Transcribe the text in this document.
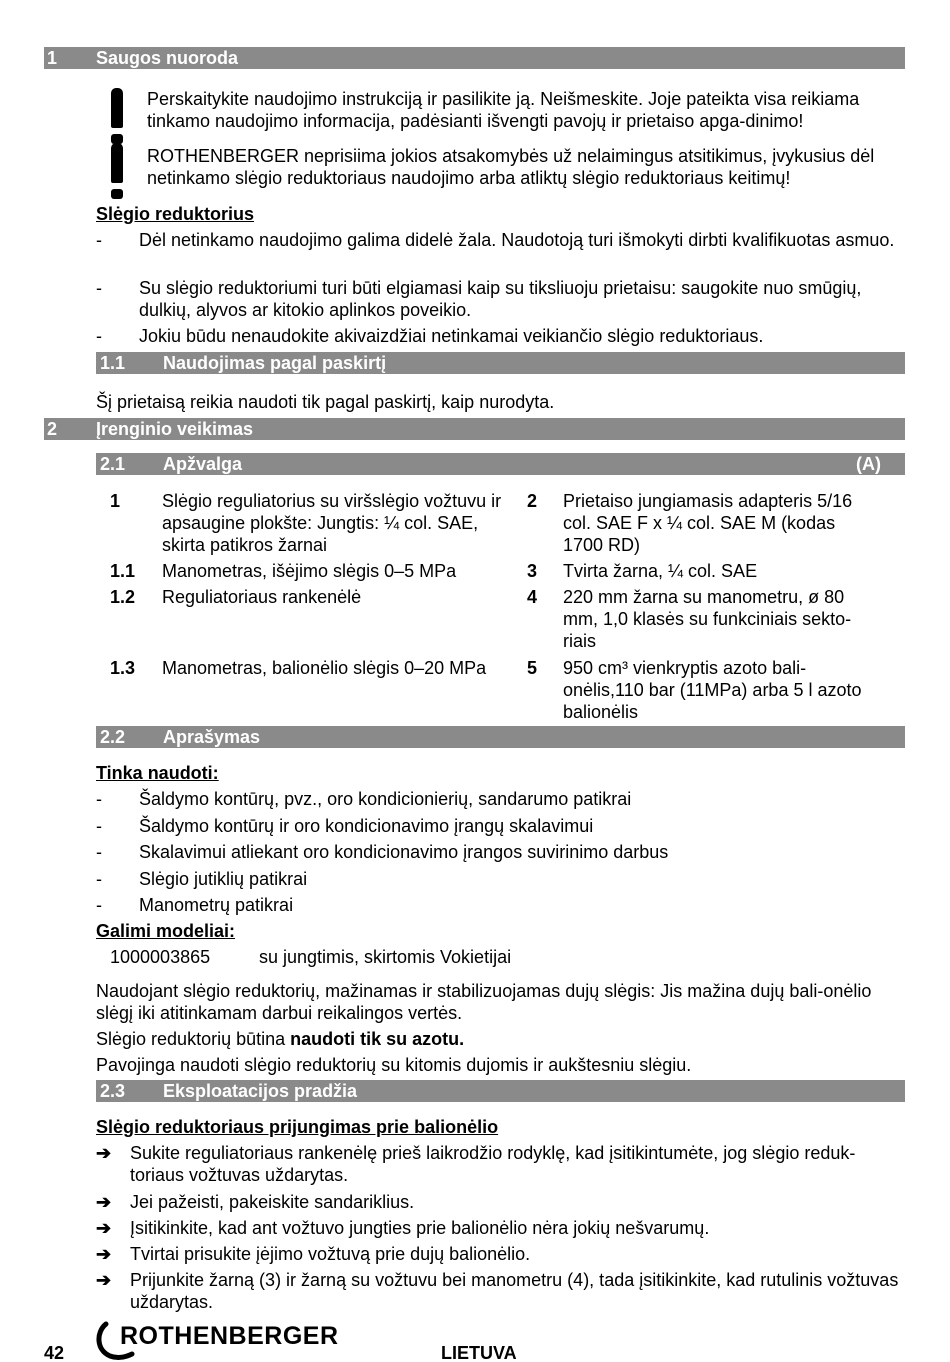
1 Saugos nuoroda
Perskaitykite naudojimo instrukciją ir pasilikite ją. Neišmeskite. Joje pateikta visa reikiama tinkamo naudojimo informacija, padėsianti išvengti pavojų ir prietaiso apga-dinimo!
ROTHENBERGER neprisiima jokios atsakomybės už nelaimingus atsitikimus, įvykusius dėl netinkamo slėgio reduktoriaus naudojimo arba atliktų slėgio reduktoriaus keitimų!
Slėgio reduktorius
- Dėl netinkamo naudojimo galima didelė žala. Naudotoją turi išmokyti dirbti kvalifikuotas asmuo.
- Su slėgio reduktoriumi turi būti elgiamasi kaip su tiksliuoju prietaisu: saugokite nuo smūgių, dulkių, alyvos ar kitokio aplinkos poveikio.
- Jokiu būdu nenaudokite akivaizdžiai netinkamai veikiančio slėgio reduktoriaus.
1.1 Naudojimas pagal paskirtį
Šį prietaisą reikia naudoti tik pagal paskirtį, kaip nurodyta.
2 Įrenginio veikimas
2.1 Apžvalga	(A)
1 Slėgio reguliatorius su viršslėgio vožtuvu ir apsaugine plokšte: Jungtis: ¼ col. SAE, skirta patikros žarnai
1.1 Manometras, išėjimo slėgis 0–5 MPa
1.2 Reguliatoriaus rankenėlė
1.3 Manometras, balionėlio slėgis 0–20 MPa
2 Prietaiso jungiamasis adapteris 5/16 col. SAE F x ¼ col. SAE M (kodas 1700 RD)
3 Tvirta žarna, ¼ col. SAE
4 220 mm žarna su manometru, ø 80 mm, 1,0 klasės su funkciniais sekto-riais
5 950 cm³ vienkryptis azoto bali-onėlis,110 bar (11MPa) arba 5 l azoto balionėlis
2.2 Aprašymas
Tinka naudoti:
- Šaldymo kontūrų, pvz., oro kondicionierių, sandarumo patikrai
- Šaldymo kontūrų ir oro kondicionavimo įrangų skalavimui
- Skalavimui atliekant oro kondicionavimo įrangos suvirinimo darbus
- Slėgio jutiklių patikrai
- Manometrų patikrai
Galimi modeliai:
1000003865	su jungtimis, skirtomis Vokietijai
Naudojant slėgio reduktorių, mažinamas ir stabilizuojamas dujų slėgis: Jis mažina dujų bali-onėlio slėgį iki atitinkamam darbui reikalingos vertės.
Slėgio reduktorių būtina naudoti tik su azotu.
Pavojinga naudoti slėgio reduktorių su kitomis dujomis ir aukštesniu slėgiu.
2.3 Eksploatacijos pradžia
Slėgio reduktoriaus prijungimas prie balionėlio
➔ Sukite reguliatoriaus rankenėlę prieš laikrodžio rodyklę, kad įsitikintumėte, jog slėgio reduk-toriaus vožtuvas uždarytas.
➔ Jei pažeisti, pakeiskite sandariklius.
➔ Įsitikinkite, kad ant vožtuvo jungties prie balionėlio nėra jokių nešvarumų.
➔ Tvirtai prisukite įėjimo vožtuvą prie dujų balionėlio.
➔ Prijunkite žarną (3) ir žarną su vožtuvu bei manometru (4), tada įsitikinkite, kad rutulinis vožtuvas uždarytas.
42
ROTHENBERGER
LIETUVA
